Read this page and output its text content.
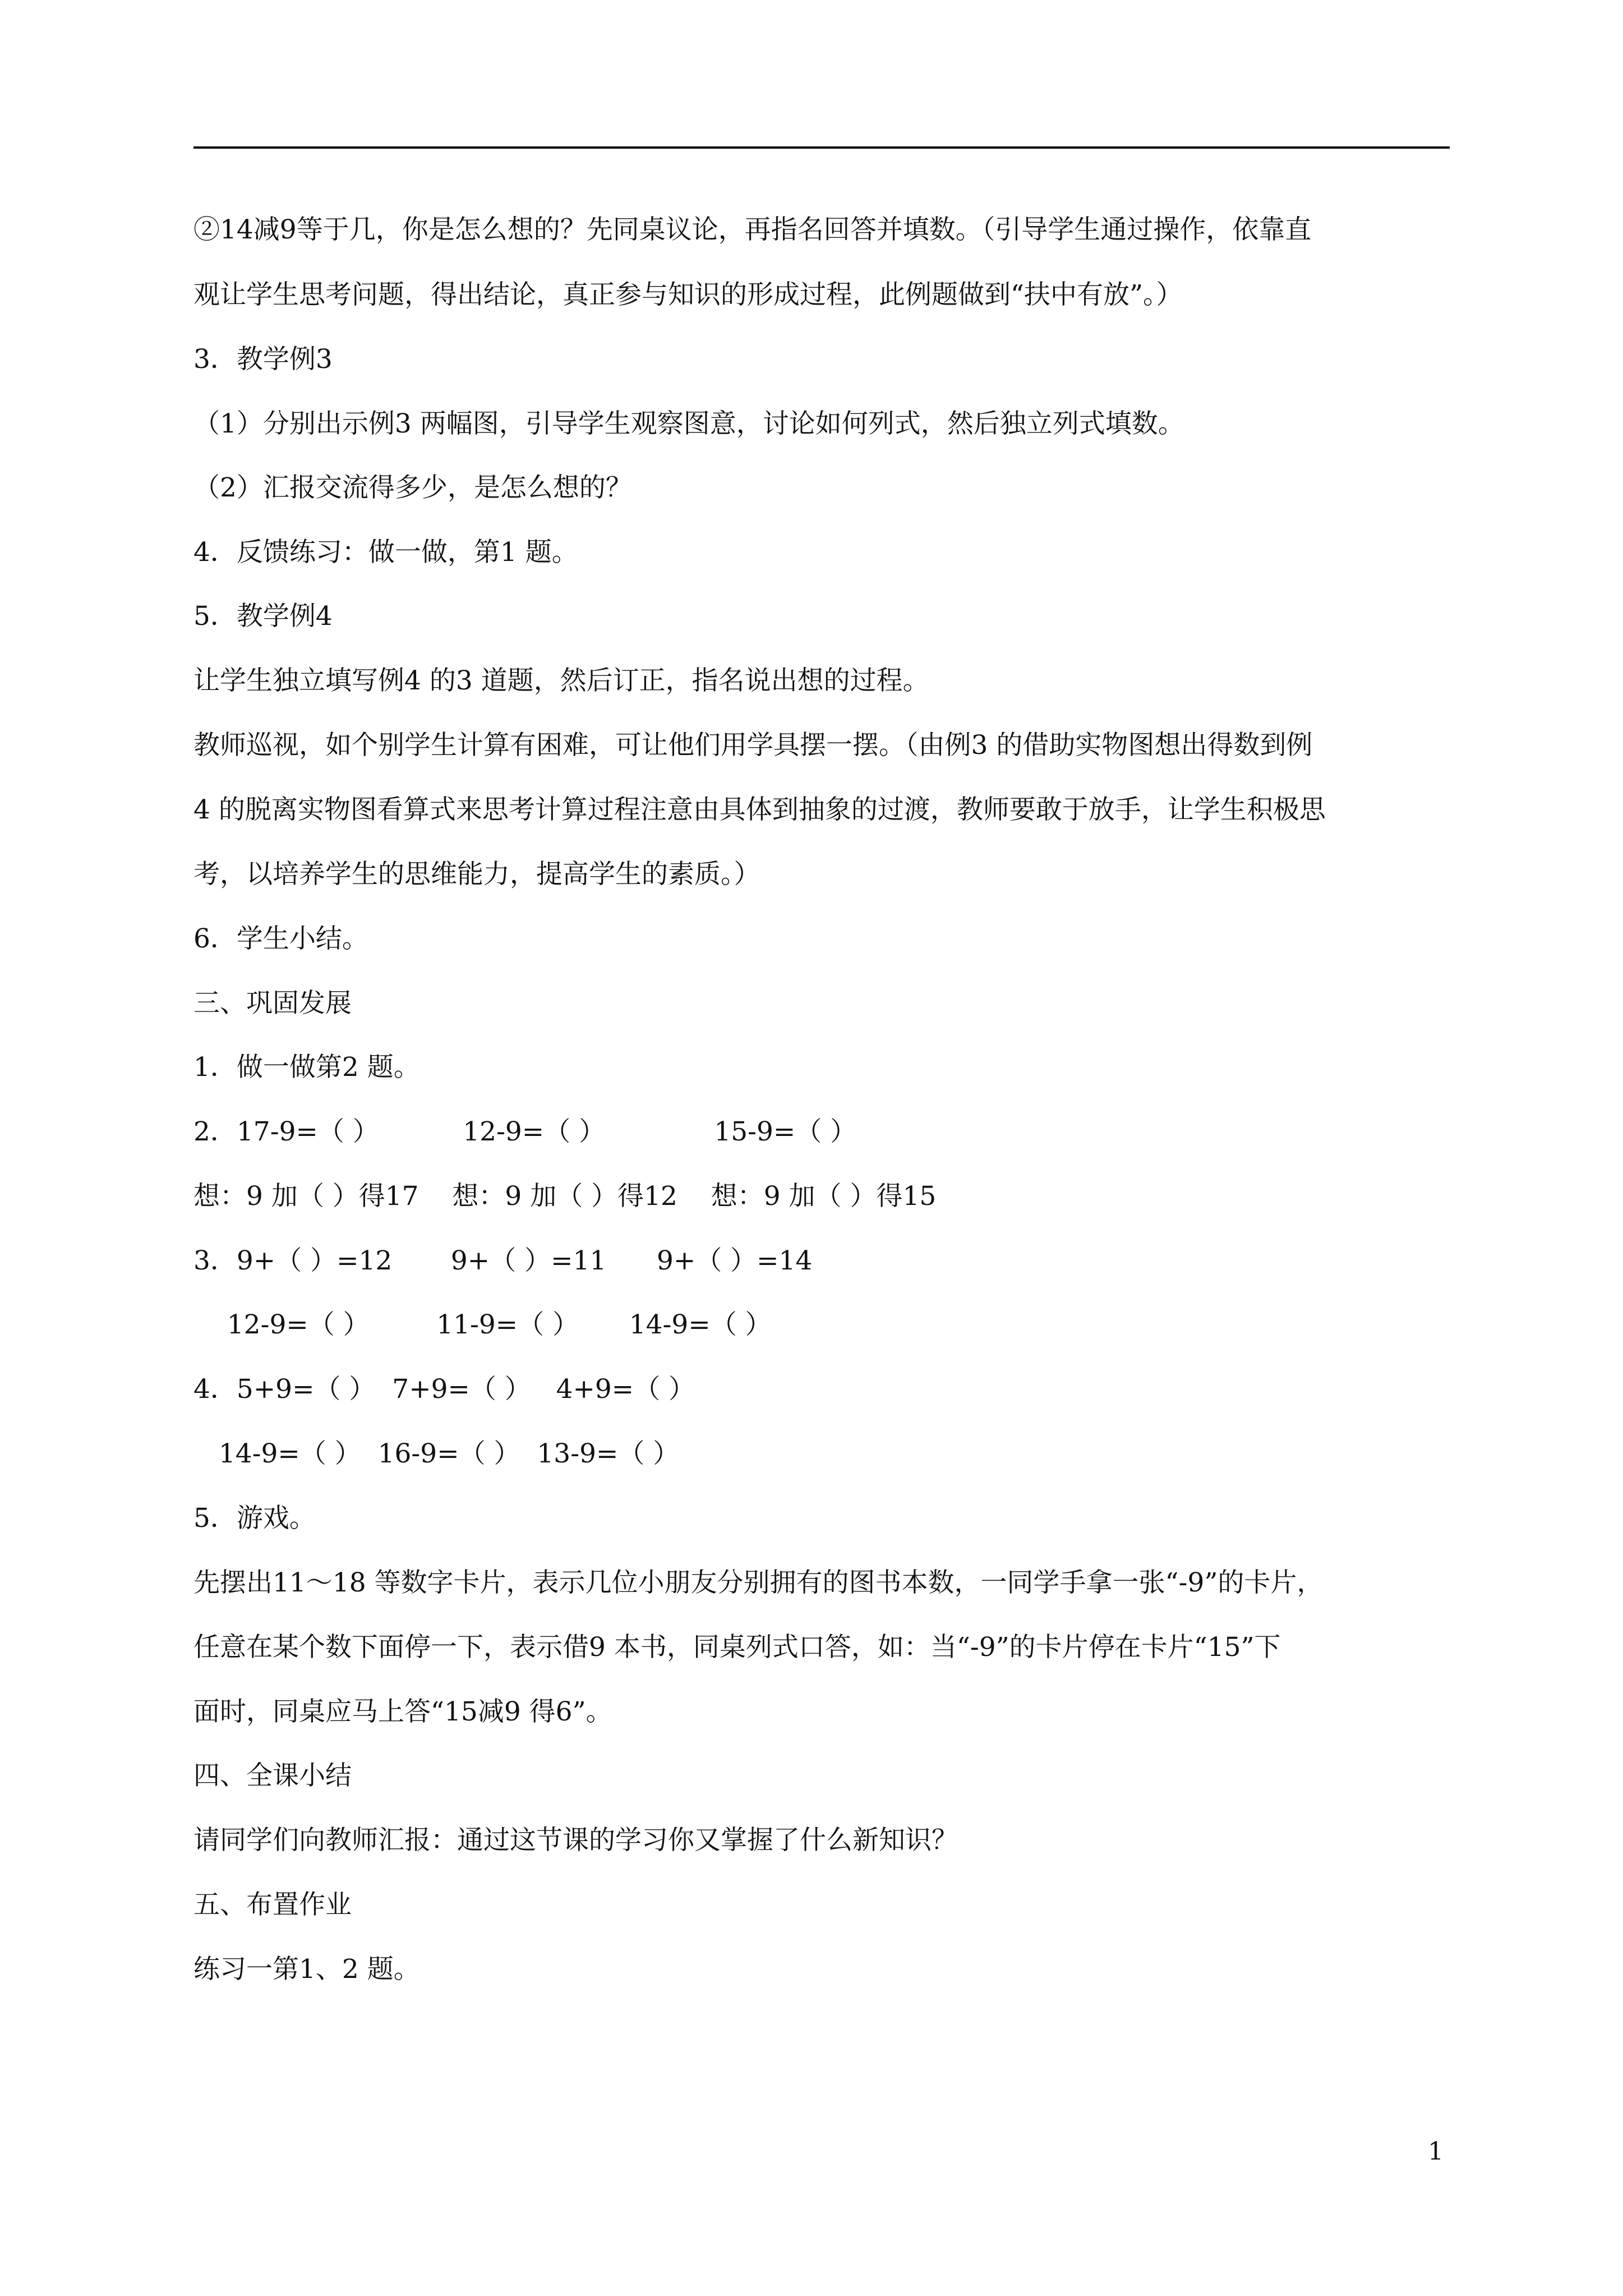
②14减9等于几，你是怎么想的？先同桌议论，再指名回答并填数。（引导学生通过操作，依靠直
观让学生思考问题，得出结论，真正参与知识的形成过程，此例题做到“扶中有放”。）
3．教学例3
（1）分别出示例3 两幅图，引导学生观察图意，讨论如何列式，然后独立列式填数。
（2）汇报交流得多少，是怎么想的？
4．反馈练习：做一做，第1 题。
5．教学例4
让学生独立填写例4 的3 道题，然后订正，指名说出想的过程。
教师巡视，如个别学生计算有困难，可让他们用学具摆一摆。（由例3 的借助实物图想出得数到例
4 的脱离实物图看算式来思考计算过程注意由具体到抽象的过渡，教师要敢于放手，让学生积极思
考，以培养学生的思维能力，提高学生的素质。）
6．学生小结。
三、巩固发展
1．做一做第2 题。
2．17-9=（ ）          12-9=（ ）             15-9=（ ）
想：9 加（ ）得17    想：9 加（ ）得12    想：9 加（ ）得15
3．9+（ ）=12       9+（ ）=11      9+（ ）=14
12-9=（ ）        11-9=（ ）      14-9=（ ）
4．5+9=（ ）  7+9=（ ）   4+9=（ ）
14-9=（ ）  16-9=（ ）  13-9=（ ）
5．游戏。
先摆出11～18 等数字卡片，表示几位小朋友分别拥有的图书本数，一同学手拿一张“-9”的卡片，
任意在某个数下面停一下，表示借9 本书，同桌列式口答，如：当“-9”的卡片停在卡片“15”下
面时，同桌应马上答“15减9 得6”。
四、全课小结
请同学们向教师汇报：通过这节课的学习你又掌握了什么新知识？
五、布置作业
练习一第1、2 题。
1
